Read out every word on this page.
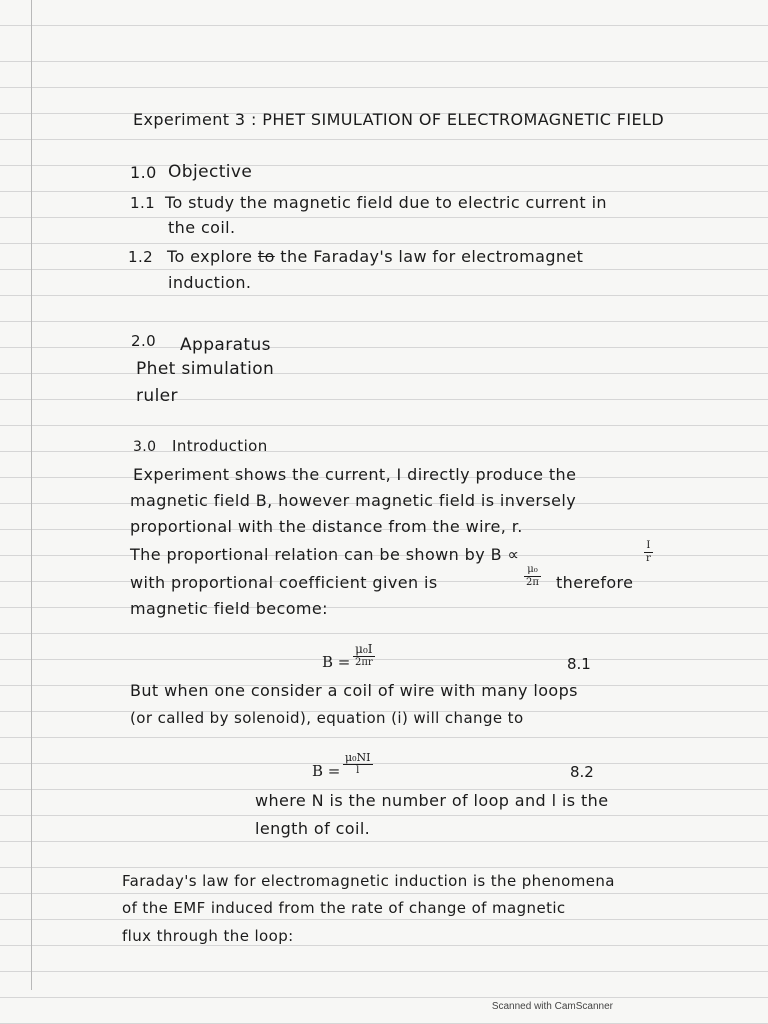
Experiment 3 : PHET SIMULATION OF ELECTROMAGNETIC FIELD
1.0 Objective
1.1 To study the magnetic field due to electric current in
the coil.
1.2 To explore to the Faraday's law for electromagnet
induction.
2.0 Apparatus
Phet simulation
ruler
3.0 Introduction
Experiment shows the current, I directly produce the
magnetic field B, however magnetic field is inversely
proportional with the distance from the wire, r.
The proportional relation can be shown by B ∝	$\frac{I}{r}$
with proportional coefficient given is	$\frac{\text{μ₀}}{2\pi}$ therefore
magnetic field become:
B =
μ₀I
2πr	8.1
But when one consider a coil of wire with many loops
(or called by solenoid), equation (i) will change to
$B = \frac{\text{μ₀NI}}{l}$	8.2
where N is the number of loop and l is the
length of coil.
Faraday's law for electromagnetic induction is the phenomena
of the EMF induced from the rate of change of magnetic
flux through the loop:
Scanned with CamScanner
